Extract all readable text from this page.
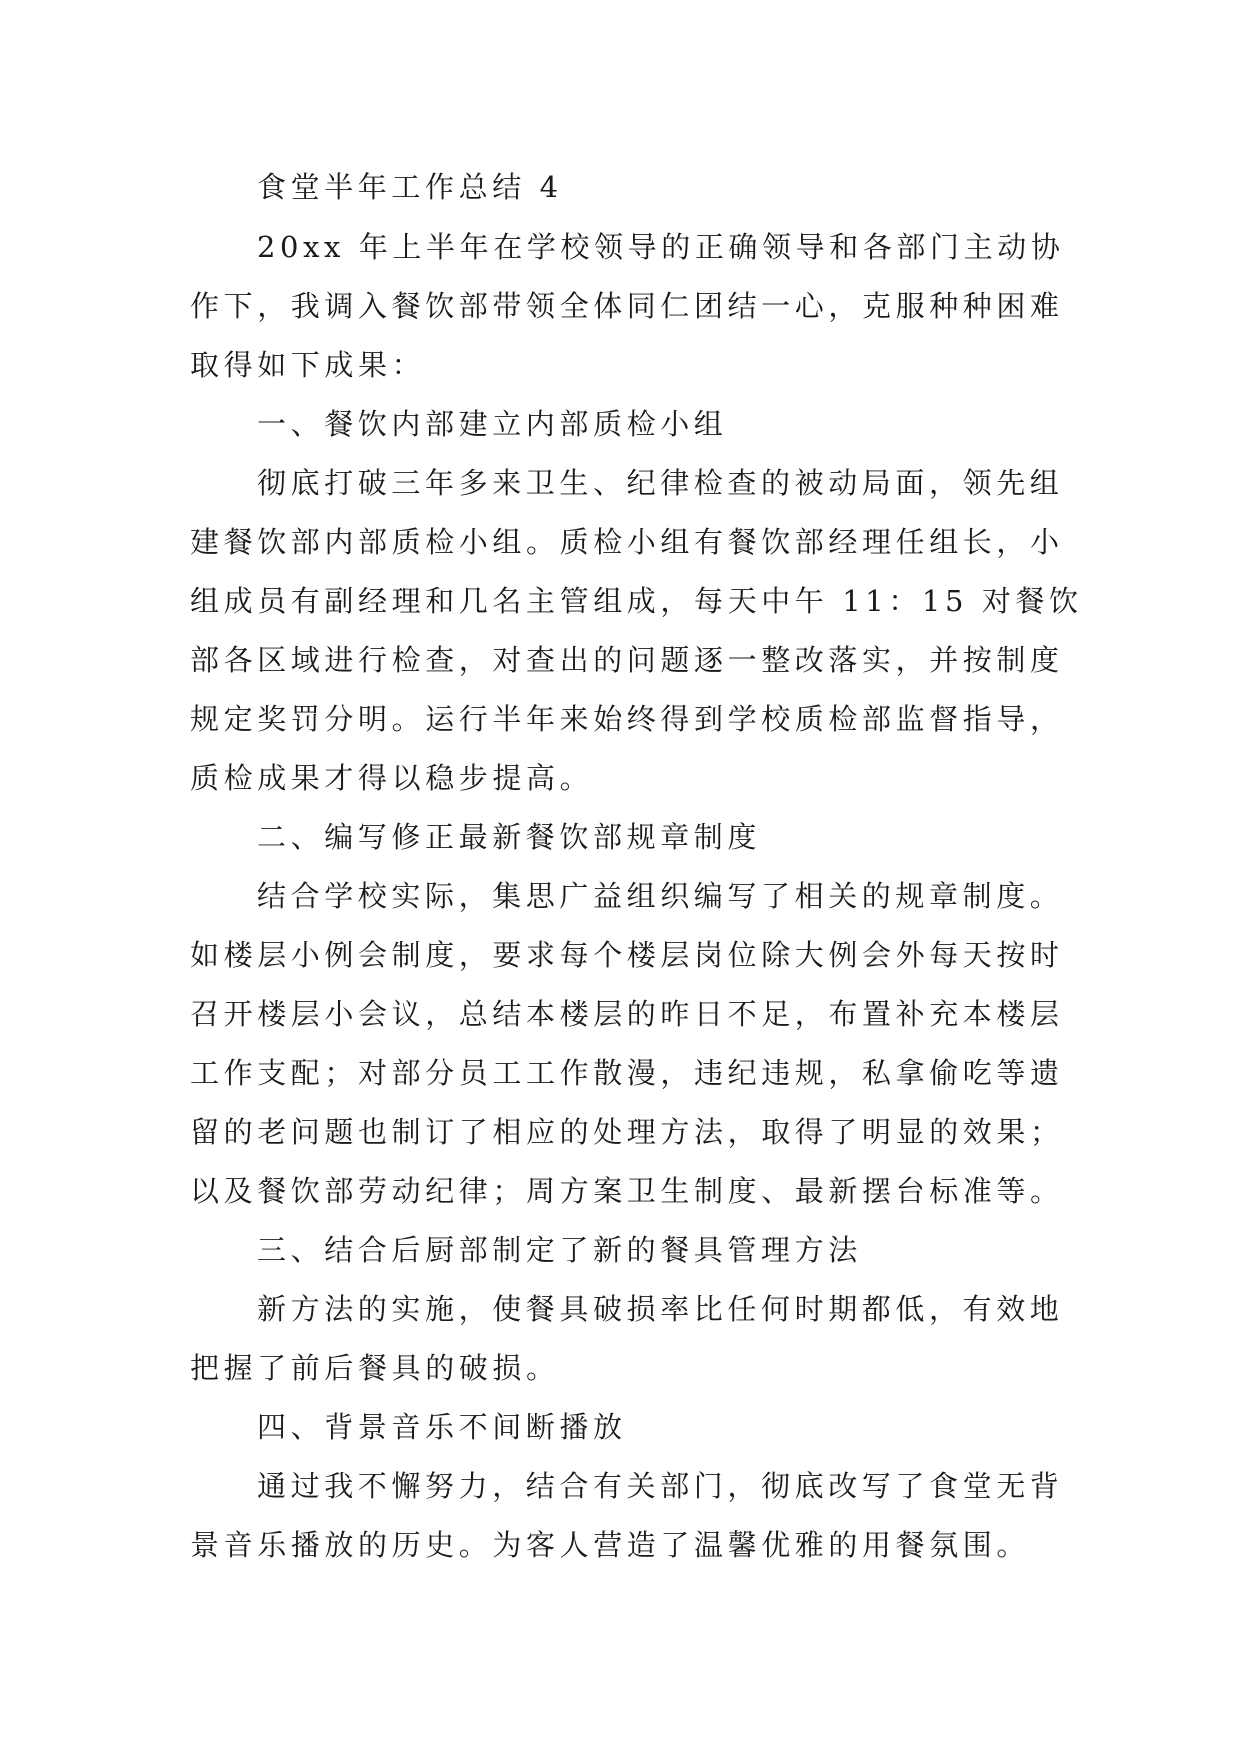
食堂半年工作总结 4

20xx 年上半年在学校领导的正确领导和各部门主动协

作下，我调入餐饮部带领全体同仁团结一心，克服种种困难

取得如下成果：

一、餐饮内部建立内部质检小组

彻底打破三年多来卫生、纪律检查的被动局面，领先组

建餐饮部内部质检小组。质检小组有餐饮部经理任组长，小

组成员有副经理和几名主管组成，每天中午 11：15 对餐饮

部各区域进行检查，对查出的问题逐一整改落实，并按制度

规定奖罚分明。运行半年来始终得到学校质检部监督指导，

质检成果才得以稳步提高。

二、编写修正最新餐饮部规章制度

结合学校实际，集思广益组织编写了相关的规章制度。

如楼层小例会制度，要求每个楼层岗位除大例会外每天按时

召开楼层小会议，总结本楼层的昨日不足，布置补充本楼层

工作支配；对部分员工工作散漫，违纪违规，私拿偷吃等遗

留的老问题也制订了相应的处理方法，取得了明显的效果；

以及餐饮部劳动纪律；周方案卫生制度、最新摆台标准等。

三、结合后厨部制定了新的餐具管理方法

新方法的实施，使餐具破损率比任何时期都低，有效地

把握了前后餐具的破损。

四、背景音乐不间断播放

通过我不懈努力，结合有关部门，彻底改写了食堂无背

景音乐播放的历史。为客人营造了温馨优雅的用餐氛围。
